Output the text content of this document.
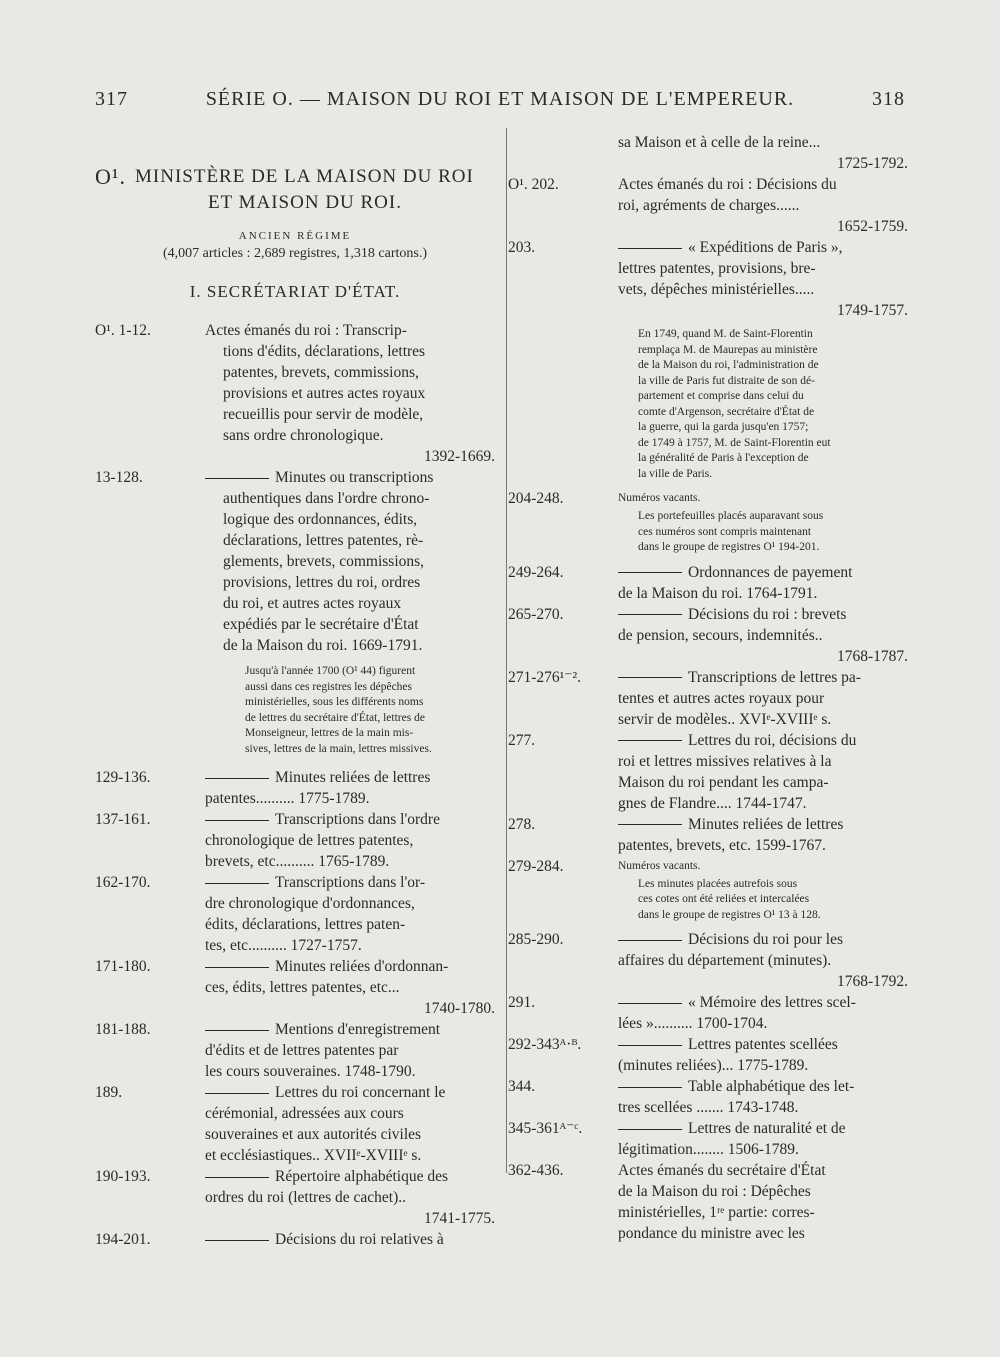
317	SÉRIE O. — MAISON DU ROI ET MAISON DE L'EMPEREUR.	318
O¹. MINISTÈRE DE LA MAISON DU ROI
ET MAISON DU ROI.
ANCIEN RÉGIME
(4,007 articles : 2,689 registres, 1,318 cartons.)
I. SECRÉTARIAT D'ÉTAT.
O¹. 1-12.	Actes émanés du roi : Transcrip-
tions d'édits, déclarations, lettres
patentes, brevets, commissions,
provisions et autres actes royaux
recueillis pour servir de modèle,
sans ordre chronologique.
1392-1669.
13-128.	Minutes ou transcriptions
authentiques dans l'ordre chrono-
logique des ordonnances, édits,
déclarations, lettres patentes, rè-
glements, brevets, commissions,
provisions, lettres du roi, ordres
du roi, et autres actes royaux
expédiés par le secrétaire d'État
de la Maison du roi. 1669-1791.
Jusqu'à l'année 1700 (O¹ 44) figurent
aussi dans ces registres les dépêches
ministérielles, sous les différents noms
de lettres du secrétaire d'État, lettres de
Monseigneur, lettres de la main mis-
sives, lettres de la main, lettres missives.
129-136.	Minutes reliées de lettres
patentes.......... 1775-1789.
137-161.	Transcriptions dans l'ordre
chronologique de lettres patentes,
brevets, etc.......... 1765-1789.
162-170.	Transcriptions dans l'or-
dre chronologique d'ordonnances,
édits, déclarations, lettres paten-
tes, etc.......... 1727-1757.
171-180.	Minutes reliées d'ordonnan-
ces, édits, lettres patentes, etc...
1740-1780.
181-188.	Mentions d'enregistrement
d'édits et de lettres patentes par
les cours souveraines. 1748-1790.
189.	Lettres du roi concernant le
cérémonial, adressées aux cours
souveraines et aux autorités civiles
et ecclésiastiques.. XVIIᵉ-XVIIIᵉ s.
190-193.	Répertoire alphabétique des
ordres du roi (lettres de cachet)..
1741-1775.
194-201.	Décisions du roi relatives à
sa Maison et à celle de la reine...
1725-1792.
O¹. 202.	Actes émanés du roi : Décisions du
roi, agréments de charges......
1652-1759.
203.	« Expéditions de Paris »,
lettres patentes, provisions, bre-
vets, dépêches ministérielles.....
1749-1757.
En 1749, quand M. de Saint-Florentin
remplaça M. de Maurepas au ministère
de la Maison du roi, l'administration de
la ville de Paris fut distraite de son dé-
partement et comprise dans celui du
comte d'Argenson, secrétaire d'État de
la guerre, qui la garda jusqu'en 1757;
de 1749 à 1757, M. de Saint-Florentin eut
la généralité de Paris à l'exception de
la ville de Paris.
204-248.	Numéros vacants.
Les portefeuilles placés auparavant sous
ces numéros sont compris maintenant
dans le groupe de registres O¹ 194-201.
249-264.	Ordonnances de payement
de la Maison du roi. 1764-1791.
265-270.	Décisions du roi : brevets
de pension, secours, indemnités..
1768-1787.
271-276¹⁻².	Transcriptions de lettres pa-
tentes et autres actes royaux pour
servir de modèles.. XVIᵉ-XVIIIᵉ s.
277.	Lettres du roi, décisions du
roi et lettres missives relatives à la
Maison du roi pendant les campa-
gnes de Flandre.... 1744-1747.
278.	Minutes reliées de lettres
patentes, brevets, etc. 1599-1767.
279-284.	Numéros vacants.
Les minutes placées autrefois sous
ces cotes ont été reliées et intercalées
dans le groupe de registres O¹ 13 à 128.
285-290.	Décisions du roi pour les
affaires du département (minutes).
1768-1792.
291.	« Mémoire des lettres scel-
lées ».......... 1700-1704.
292-343ᴬ·ᴮ.	Lettres patentes scellées
(minutes reliées)... 1775-1789.
344.	Table alphabétique des let-
tres scellées ....... 1743-1748.
345-361ᴬ⁻ᶜ.	Lettres de naturalité et de
légitimation........ 1506-1789.
362-436.	Actes émanés du secrétaire d'État
de la Maison du roi : Dépêches
ministérielles, 1ʳᵉ partie: corres-
pondance du ministre avec les
